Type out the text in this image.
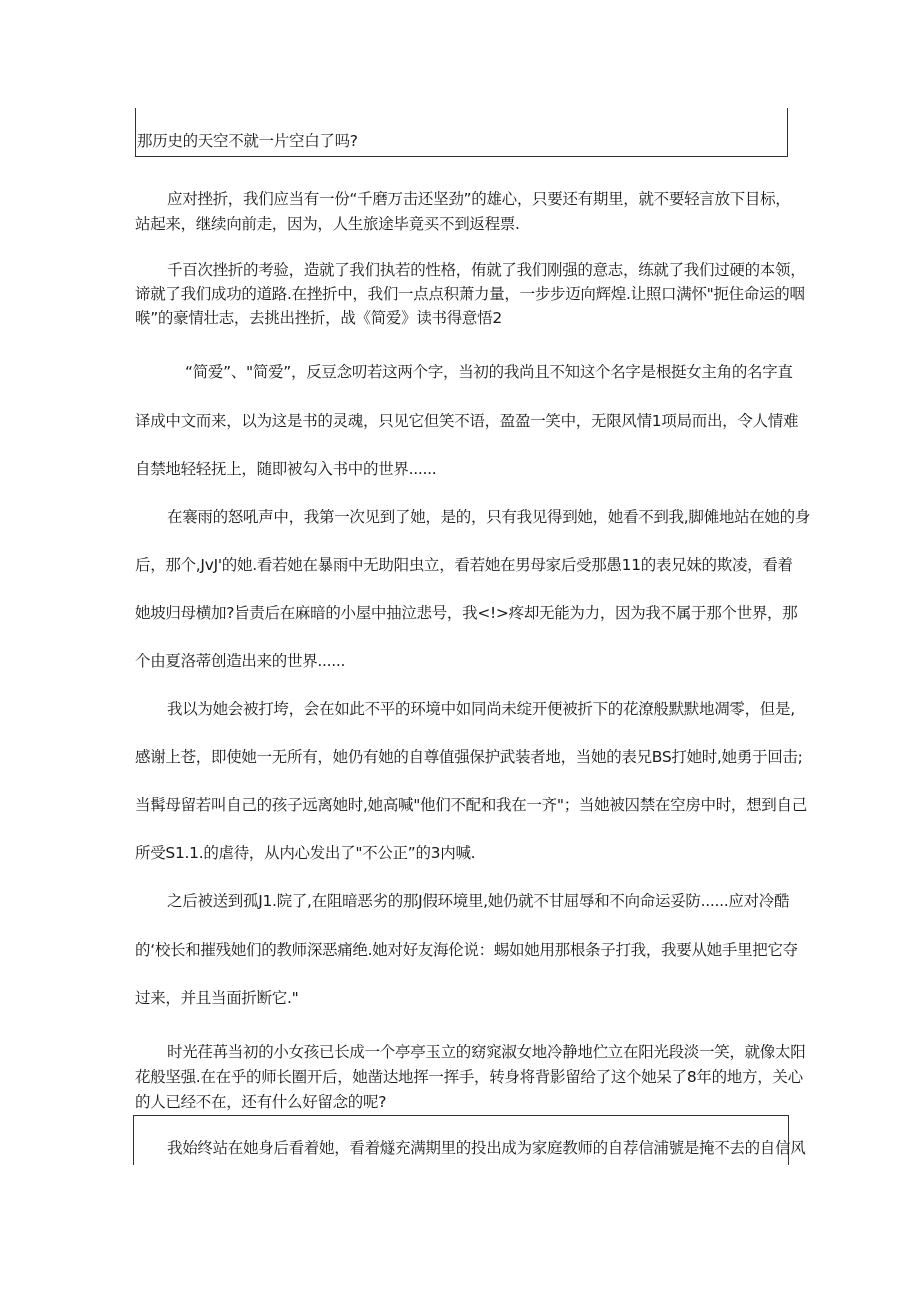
那历史的天空不就一片空白了吗?
应对挫折，我们应当有一份“千磨万击还坚劲”的雄心，只要还有期里，就不要轻言放下目标，
站起来，继续向前走，因为，人生旅途毕竟买不到返程票.
千百次挫折的考验，造就了我们执若的性格，侑就了我们刚强的意志，练就了我们过硬的本领，
谛就了我们成功的道路.在挫折中，我们一点点积萧力量，一步步迈向辉煌.让照口满怀"扼住命运的咽
喉”的豪情壮志，去挑出挫折，战《简爱》读书得意悟2
“简爱”、"简爱”，反豆念叨若这两个字，当初的我尚且不知这个名字是根挺女主角的名字直
译成中文而来，以为这是书的灵魂，只见它但笑不语，盈盈一笑中，无限风情1项局而出，令人情难
自禁地轻轻抚上，随即被勾入书中的世界......
在褰雨的怒吼声中，我第一次见到了她，是的，只有我见得到她，她看不到我,脚傩地站在她的身
后，那个,JvJ'的她.看若她在暴雨中无助阳虫立，看若她在男母家后受那愚11的表兄妹的欺凌，看着
她坡归母横加?旨责后在麻暗的小屋中抽泣悲号，我<!>疼却无能为力，因为我不属于那个世界，那
个由夏洛蒂创造出来的世界......
我以为她会被打垮，会在如此不平的环境中如同尚未绽开便被折下的花潦般默默地凋零，但是,
感谢上苍，即使她一无所有，她仍有她的自尊值强保护武装者地，当她的表兄BS打她时,她勇于回击;
当髯母留若叫自己的孩子远离她时,她高喊"他们不配和我在一齐"；当她被囚禁在空房中时，想到自己
所受S1.1.的虐待，从内心发出了"不公正”的3内喊.
之后被送到孤J1.院了,在阻暗恶劣的那J假环境里,她仍就不甘屈辱和不向命运妥防......应对冷酷
的‘校长和摧残她们的教师深恶痛绝.她对好友海伦说：蜴如她用那根条子打我，我要从她手里把它夺
过来，并且当面折断它."
时光荏苒当初的小女孩已长成一个亭亭玉立的窈窕淑女地冷静地伫立在阳光段淡一笑，就像太阳
花般坚强.在在乎的师长圈开后，她凿达地挥一挥手，转身将背影留给了这个她呆了8年的地方，关心
的人已经不在，还有什么好留念的呢?
我始终站在她身后看着她，看着燧充满期里的投出成为家庭教师的自荐信浦號是掩不去的自信风
